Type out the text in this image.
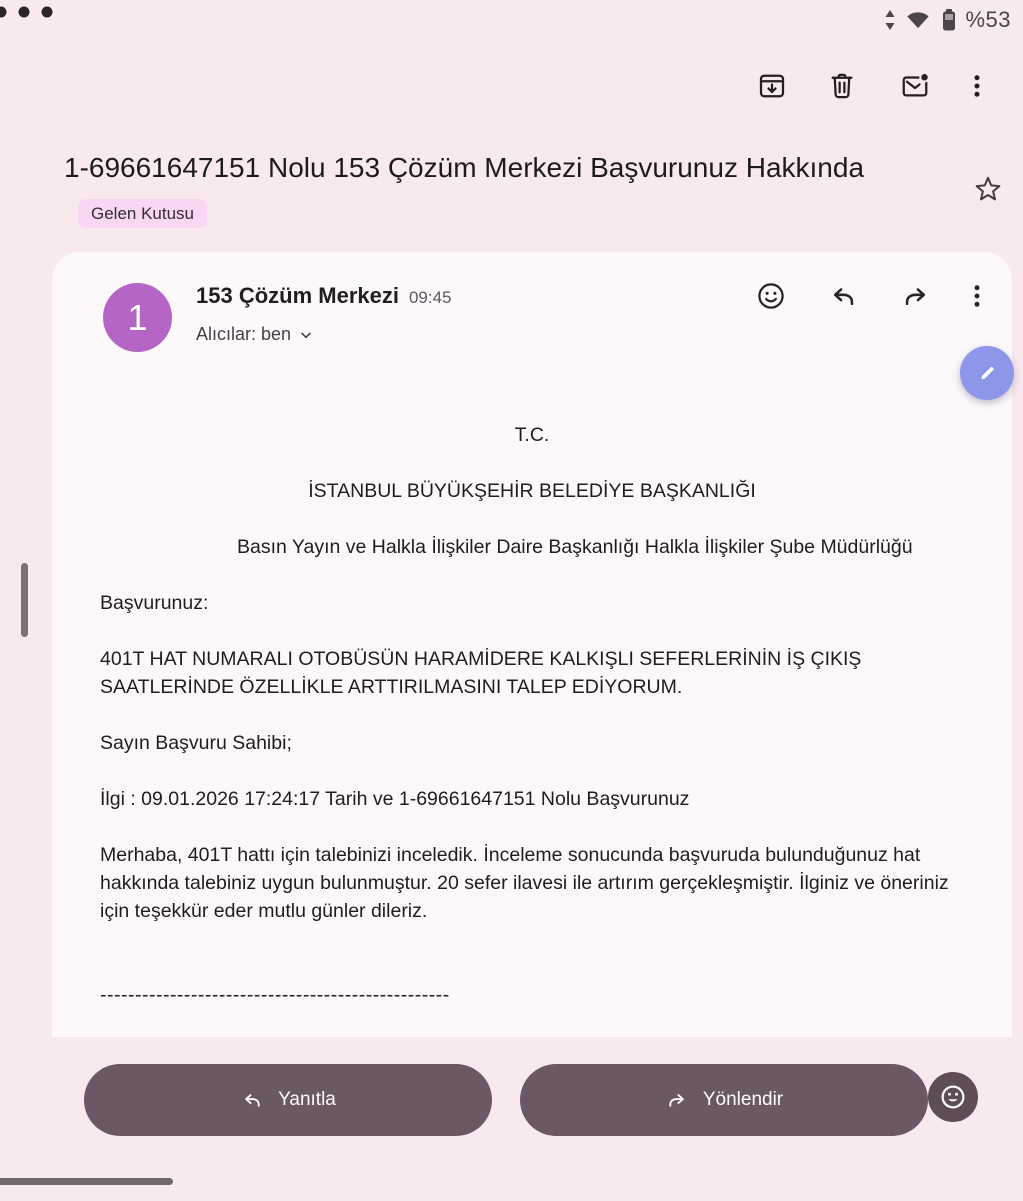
%53
1-69661647151 Nolu 153 Çözüm Merkezi Başvurunuz HakkındaGelen Kutusu
1
153 Çözüm Merkezi 09:45
Alıcılar: ben

T.C.

İSTANBUL BÜYÜKŞEHİR BELEDİYE BAŞKANLIĞI

Basın Yayın ve Halkla İlişkiler Daire Başkanlığı Halkla İlişkiler Şube Müdürlüğü

Başvurunuz:

401T HAT NUMARALI OTOBÜSÜN HARAMİDERE KALKIŞLI SEFERLERİNİN İŞ ÇIKIŞ SAATLERİNDE ÖZELLİKLE ARTTIRILMASINI TALEP EDİYORUM.

Sayın Başvuru Sahibi;

İlgi : 09.01.2026 17:24:17 Tarih ve 1-69661647151 Nolu Başvurunuz

Merhaba, 401T hattı için talebinizi inceledik. İnceleme sonucunda başvuruda bulunduğunuz hat hakkında talebiniz uygun bulunmuştur. 20 sefer ilavesi ile artırım gerçekleşmiştir. İlginiz ve öneriniz için teşekkür eder mutlu günler dileriz.

--------------------------------------------------

Yanıtla	Yönlendir
